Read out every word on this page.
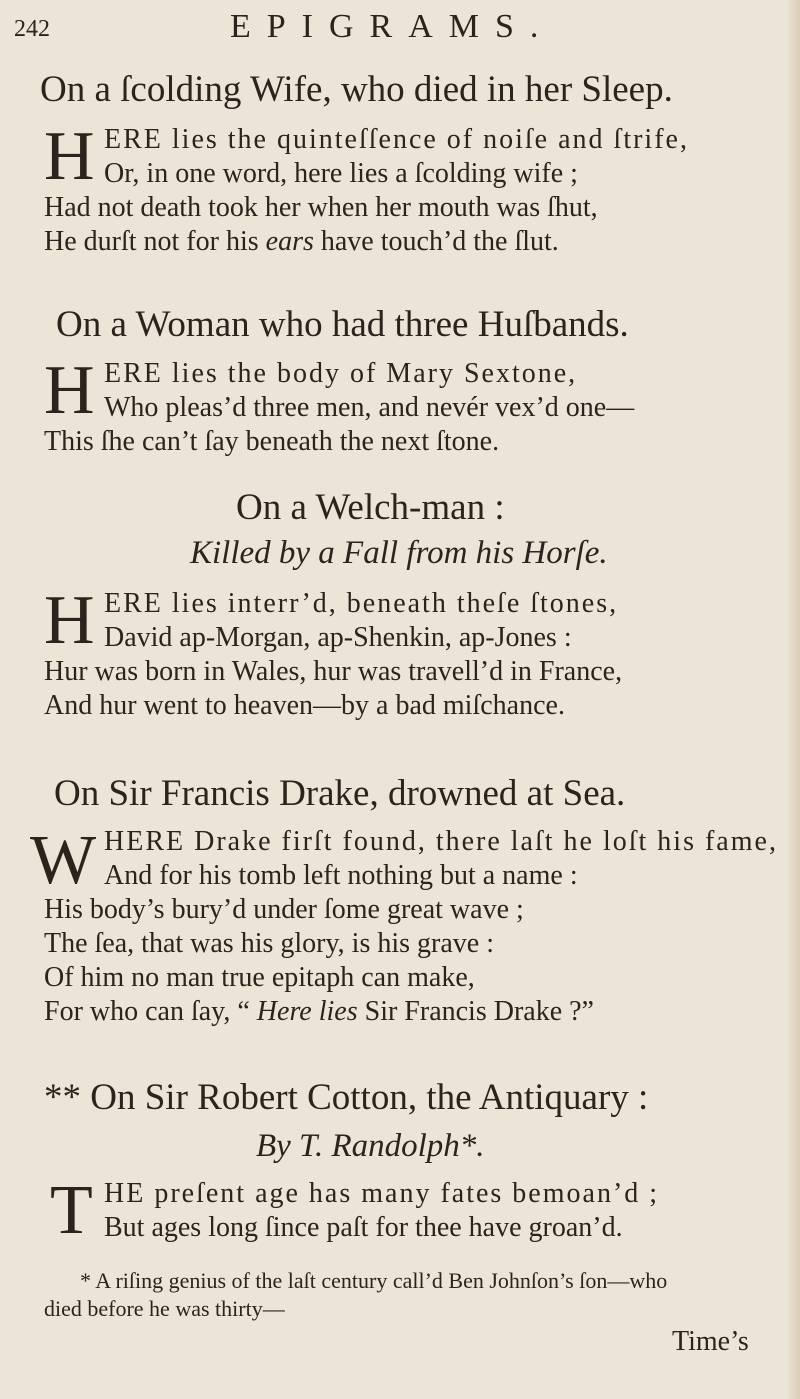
242	EPIGRAMS.
On a ſcolding Wife, who died in her Sleep.
H ERE lies the quinteſſence of noiſe and ſtrife,
Or, in one word, here lies a ſcolding wife ;
Had not death took her when her mouth was ſhut,
He durſt not for his ears have touch’d the ſlut.
On a Woman who had three Huſbands.
H ERE lies the body of Mary Sextone,
Who pleas’d three men, and nevér vex’d one—
This ſhe can’t ſay beneath the next ſtone.
On a Welch-man :
Killed by a Fall from his Horſe.
H ERE lies interr’d, beneath theſe ſtones,
David ap-Morgan, ap-Shenkin, ap-Jones :
Hur was born in Wales, hur was travell’d in France,
And hur went to heaven—by a bad miſchance.
On Sir Francis Drake, drowned at Sea.
W HERE Drake firſt found, there laſt he loſt his fame,
And for his tomb left nothing but a name :
His body’s bury’d under ſome great wave ;
The ſea, that was his glory, is his grave :
Of him no man true epitaph can make,
For who can ſay, “ Here lies Sir Francis Drake ?”
** On Sir Robert Cotton, the Antiquary :
By T. Randolph*.
T HE preſent age has many fates bemoan’d ;
But ages long ſince paſt for thee have groan’d.
* A riſing genius of the laſt century call’d Ben Johnſon’s ſon—who
died before he was thirty—
Time’s
